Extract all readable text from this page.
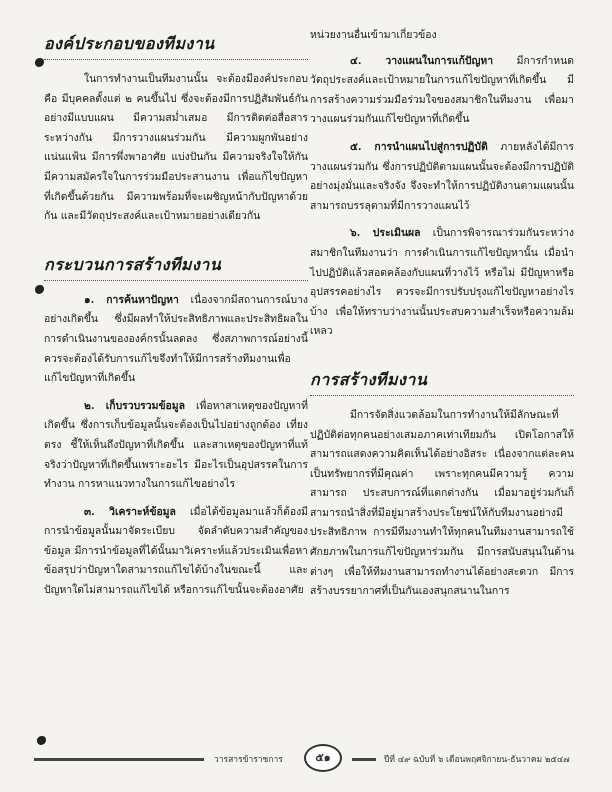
องค์ประกอบของทีมงาน

ในการทำงานเป็นทีมงานนั้น จะต้องมีองค์ประกอบคือ มีบุคคลตั้งแต่ ๒ คนขึ้นไป ซึ่งจะต้องมีการปฏิสัมพันธ์กันอย่างมีแบบแผน มีความสม่ำเสมอ มีการติดต่อสื่อสารระหว่างกัน มีการวางแผนร่วมกัน มีความผูกพันอย่างแน่นแฟ้น มีการพึ่งพาอาศัย แบ่งปันกัน มีความจริงใจให้กัน มีความสมัครใจในการร่วมมือประสานงาน เพื่อแก้ไขปัญหาที่เกิดขึ้นด้วยกัน มีความพร้อมที่จะเผชิญหน้ากับปัญหาด้วยกัน และมีวัตถุประสงค์และเป้าหมายอย่างเดียวกัน

กระบวนการสร้างทีมงาน

๑. การค้นหาปัญหา เนื่องจากมีสถานการณ์บางอย่างเกิดขึ้น ซึ่งมีผลทำให้ประสิทธิภาพและประสิทธิผลในการดำเนินงานขององค์กรนั้นลดลง ซึ่งสภาพการณ์อย่างนี้ควรจะต้องได้รับการแก้ไขจึงทำให้มีการสร้างทีมงานเพื่อแก้ไขปัญหาที่เกิดขึ้น

๒. เก็บรวบรวมข้อมูล เพื่อหาสาเหตุของปัญหาที่เกิดขึ้น ซึ่งการเก็บข้อมูลนั้นจะต้องเป็นไปอย่างถูกต้อง เที่ยงตรง ชี้ให้เห็นถึงปัญหาที่เกิดขึ้น และสาเหตุของปัญหาที่แท้จริงว่าปัญหาที่เกิดขึ้นเพราะอะไร มีอะไรเป็นอุปสรรคในการทำงาน การหาแนวทางในการแก้ไขอย่างไร

๓. วิเคราะห์ข้อมูล เมื่อได้ข้อมูลมาแล้วก็ต้องมีการนำข้อมูลนั้นมาจัดระเบียบ จัดลำดับความสำคัญของข้อมูล มีการนำข้อมูลที่ได้นั้นมาวิเคราะห์แล้วประเมินเพื่อหาข้อสรุปว่าปัญหาใดสามารถแก้ไขได้บ้างในขณะนี้ และปัญหาใดไม่สามารถแก้ไขได้ หรือการแก้ไขนั้นจะต้องอาศัย

หน่วยงานอื่นเข้ามาเกี่ยวข้อง

๔. วางแผนในการแก้ปัญหา มีการกำหนดวัตถุประสงค์และเป้าหมายในการแก้ไขปัญหาที่เกิดขึ้น มีการสร้างความร่วมมือร่วมใจของสมาชิกในทีมงาน เพื่อมาวางแผนร่วมกันแก้ไขปัญหาที่เกิดขึ้น

๕. การนำแผนไปสู่การปฏิบัติ ภายหลังได้มีการวางแผนร่วมกัน ซึ่งการปฏิบัติตามแผนนั้นจะต้องมีการปฏิบัติอย่างมุ่งมั่นและจริงจัง จึงจะทำให้การปฏิบัติงานตามแผนนั้นสามารถบรรลุตามที่มีการวางแผนไว้

๖. ประเมินผล เป็นการพิจารณาร่วมกันระหว่างสมาชิกในทีมงานว่า การดำเนินการแก้ไขปัญหานั้น เมื่อนำไปปฏิบัติแล้วสอดคล้องกับแผนที่วางไว้ หรือไม่ มีปัญหาหรืออุปสรรคอย่างไร ควรจะมีการปรับปรุงแก้ไขปัญหาอย่างไรบ้าง เพื่อให้ทราบว่างานนั้นประสบความสำเร็จหรือความล้มเหลว

การสร้างทีมงาน

มีการจัดสิ่งแวดล้อมในการทำงานให้มีลักษณะที่ปฏิบัติต่อทุกคนอย่างเสมอภาคเท่าเทียมกัน เปิดโอกาสให้สามารถแสดงความคิดเห็นได้อย่างอิสระ เนื่องจากแต่ละคนเป็นทรัพยากรที่มีคุณค่า เพราะทุกคนมีความรู้ ความสามารถ ประสบการณ์ที่แตกต่างกัน เมื่อมาอยู่ร่วมกันก็สามารถนำสิ่งที่มีอยู่มาสร้างประโยชน์ให้กับทีมงานอย่างมีประสิทธิภาพ การมีทีมงานทำให้ทุกคนในทีมงานสามารถใช้ศักยภาพในการแก้ไขปัญหาร่วมกัน มีการสนับสนุนในด้านต่างๆ เพื่อให้ทีมงานสามารถทำงานได้อย่างสะดวก มีการสร้างบรรยากาศที่เป็นกันเองสนุกสนานในการ

วารสารข้าราชการ	๕๑	ปีที่ ๔๙ ฉบับที่ ๖ เดือนพฤศจิกายน-ธันวาคม ๒๕๔๗
